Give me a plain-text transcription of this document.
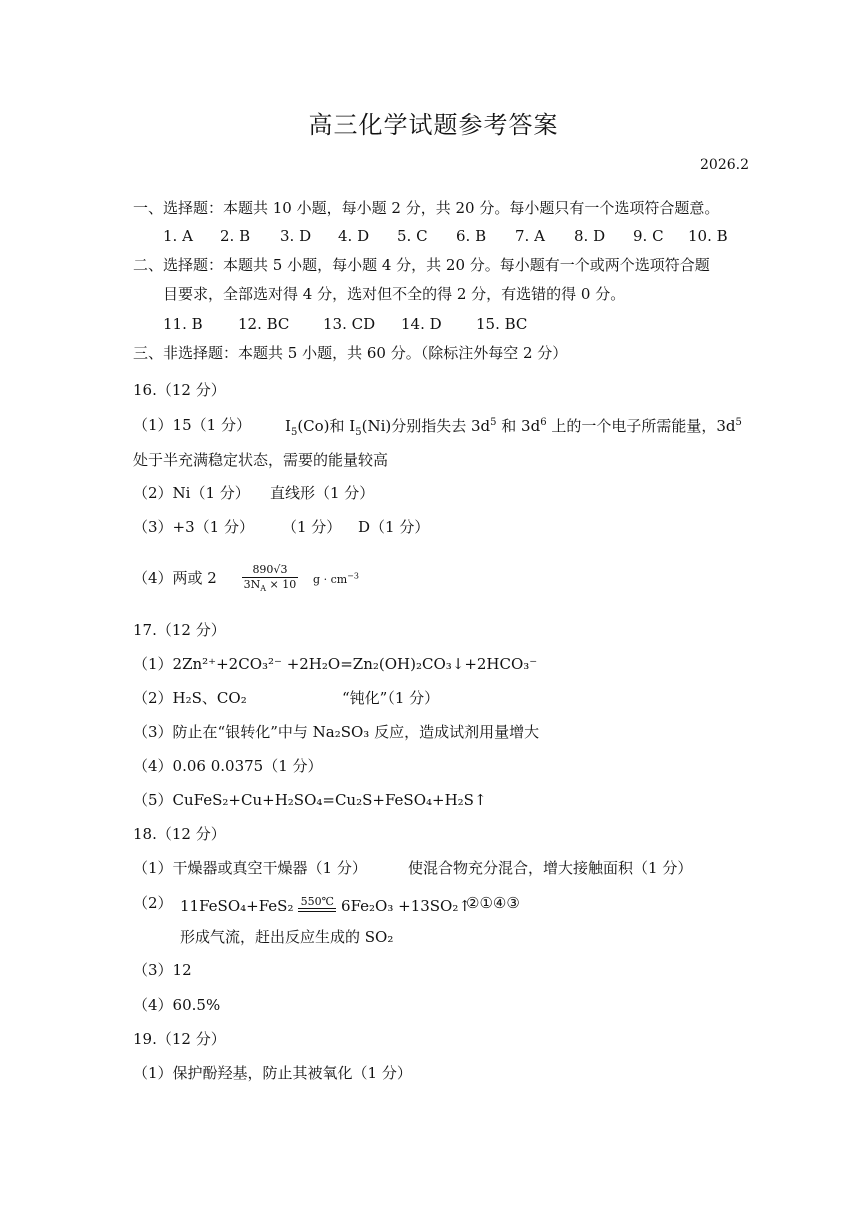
高三化学试题参考答案
2026.2
一、选择题：本题共 10 小题，每小题 2 分，共 20 分。每小题只有一个选项符合题意。
1. A 2. B 3. D 4. D 5. C 6. B 7. A 8. D 9. C 10. B
二、选择题：本题共 5 小题，每小题 4 分，共 20 分。每小题有一个或两个选项符合题
目要求，全部选对得 4 分，选对但不全的得 2 分，有选错的得 0 分。
11. B 12. BC 13. CD 14. D 15. BC
三、非选择题：本题共 5 小题，共 60 分。（除标注外每空 2 分）
16.（12 分）
（1）15（1 分） $I_5(Co)$和 $I_5(Ni)$分别指失去 $3d^5$ 和 $3d^6$ 上的一个电子所需能量，$3d^5$
处于半充满稳定状态，需要的能量较高
（2）Ni（1 分） 直线形（1 分）
（3）+3（1 分） （1 分） D（1 分）
（4）两或 $2 \frac{890√3}{3N_A \times 10}$ $g \cdot cm^{-3}$
17.（12 分）
（1）2Zn²⁺+2CO₃²⁻ +2H₂O=Zn₂(OH)₂CO₃↓+2HCO₃⁻
（2）H₂S、CO₂	“钝化”（1 分）
（3）防止在“银转化”中与 Na₂SO₃ 反应，造成试剂用量增大
（4）0.06 0.0375（1 分）
（5）CuFeS₂+Cu+H₂SO₄=Cu₂S+FeSO₄+H₂S↑
18.（12 分）
（1）干燥器或真空干燥器（1 分）	使混合物充分混合，增大接触面积（1 分）
（2） 11FeSO₄+FeS₂ 550℃ 6Fe₂O₃ +13SO₂↑
②①④③
形成气流，赶出反应生成的 SO₂
（3）12
（4）60.5%
19.（12 分）
（1）保护酚羟基，防止其被氧化（1 分）
